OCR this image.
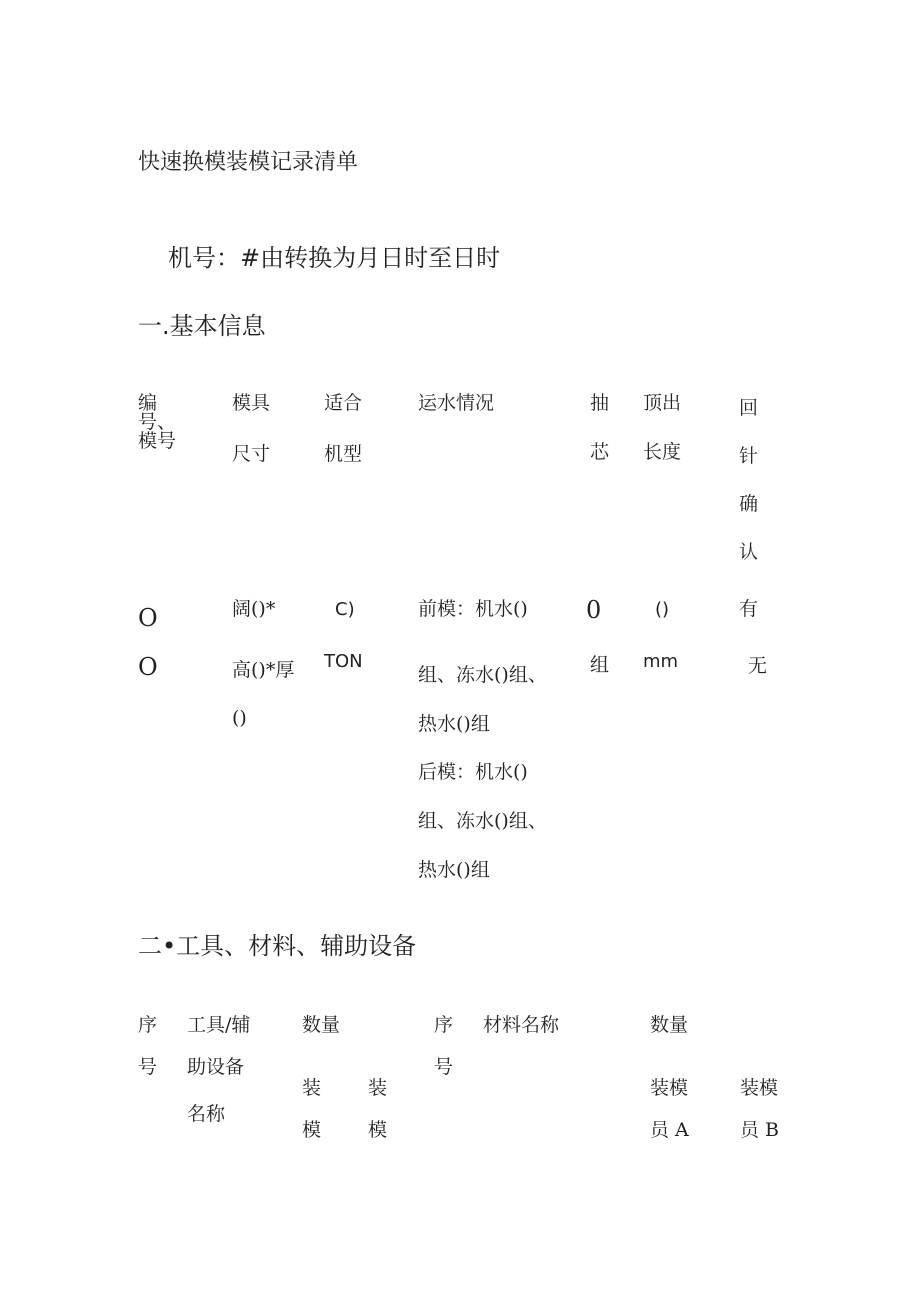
快速换模装模记录清单
机号：#由转换为月日时至日时
一.基本信息
编
号、
模号
模具
尺寸
适合
机型
运水情况	抽
芯
顶出
长度
回
针
确
认
O
O
阔()*
高()*厚
()
C)
TON
前模：机水()
组、冻水()组、
热水()组
后模：机水()
组、冻水()组、
热水()组
0
组
()
mm
有
无
二•工具、材料、辅助设备
序
号
工具/辅
助设备
名称
数量
装
模
装
模
序
号
材料名称	数量
装模
员 A
装模
员 B
